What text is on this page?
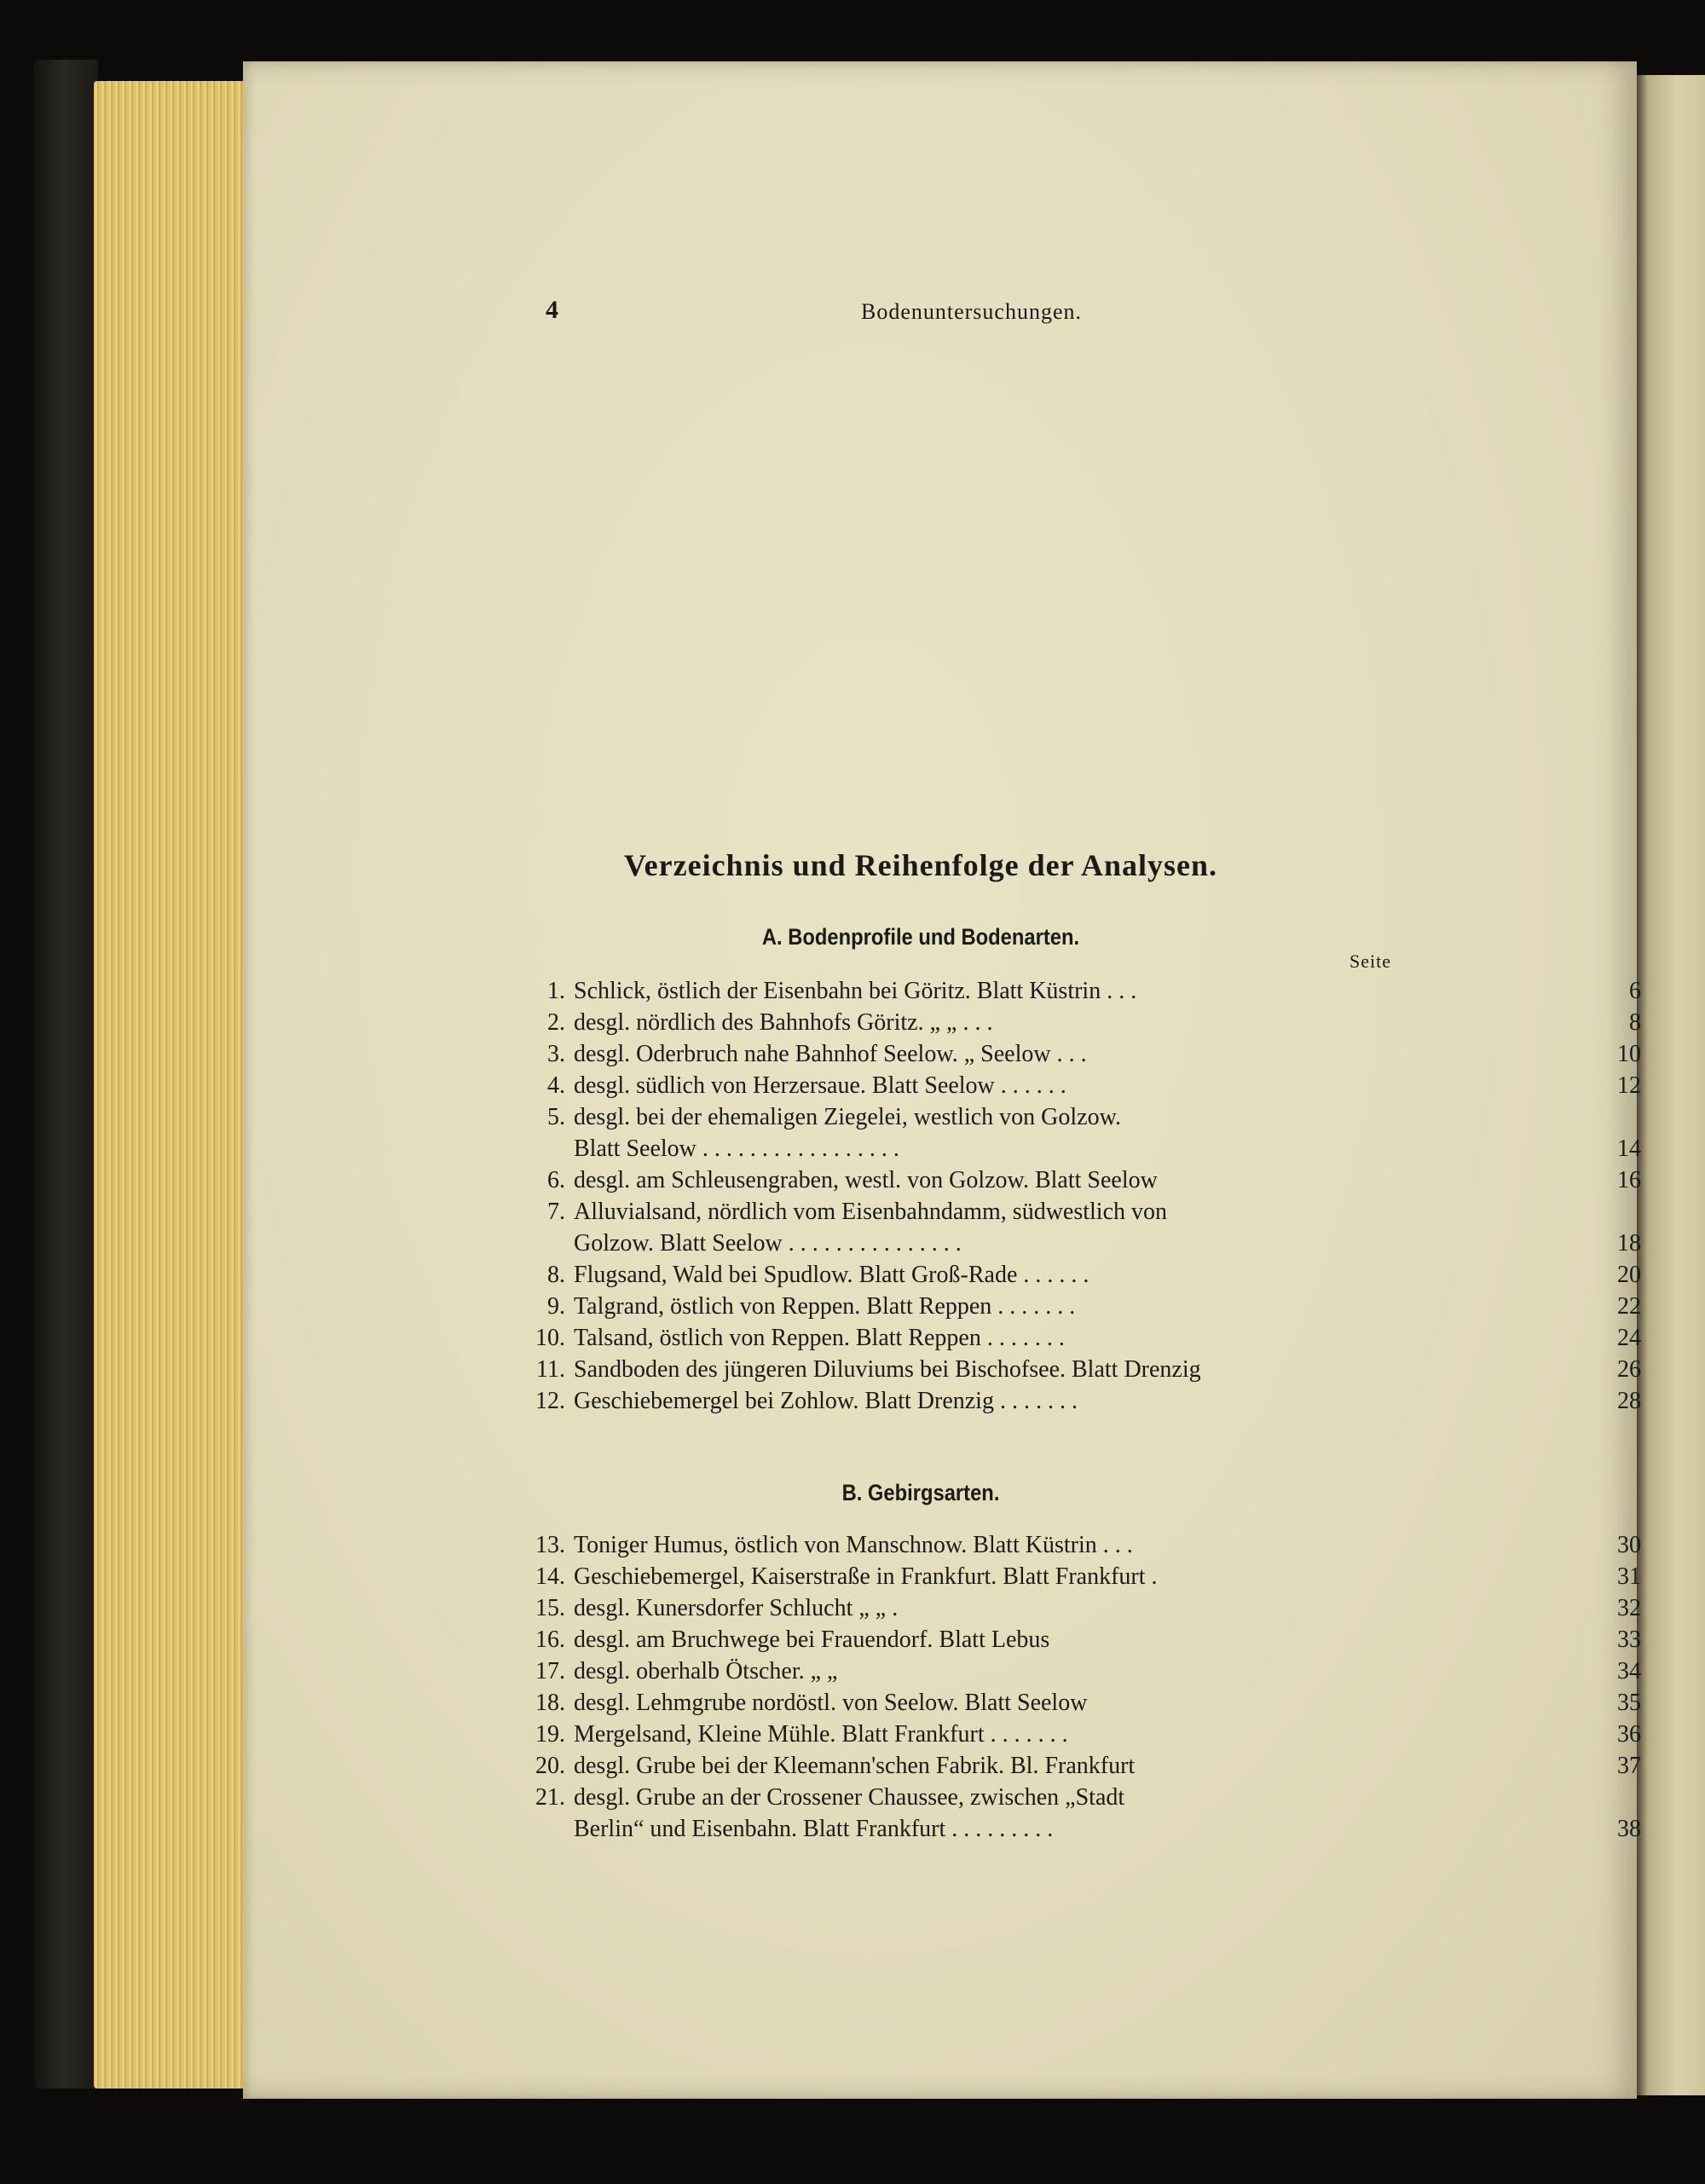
4	Bodenuntersuchungen.
Verzeichnis und Reihenfolge der Analysen.
A. Bodenprofile und Bodenarten.
Seite
1. Schlick, östlich der Eisenbahn bei Göritz. Blatt Küstrin . . .	6
2. desgl. nördlich des Bahnhofs Göritz. „ „ . . .	8
3. desgl. Oderbruch nahe Bahnhof Seelow. „ Seelow . . .	10
4. desgl. südlich von Herzersaue. Blatt Seelow . . . . . .	12
5. desgl. bei der ehemaligen Ziegelei, westlich von Golzow.
Blatt Seelow . . . . . . . . . . . . . . . . .	14
6. desgl. am Schleusengraben, westl. von Golzow. Blatt Seelow	16
7. Alluvialsand, nördlich vom Eisenbahndamm, südwestlich von
Golzow. Blatt Seelow . . . . . . . . . . . . . . .	18
8. Flugsand, Wald bei Spudlow. Blatt Groß-Rade . . . . . .	20
9. Talgrand, östlich von Reppen. Blatt Reppen . . . . . . .	22
10. Talsand, östlich von Reppen. Blatt Reppen . . . . . . .	24
11. Sandboden des jüngeren Diluviums bei Bischofsee. Blatt Drenzig	26
12. Geschiebemergel bei Zohlow. Blatt Drenzig . . . . . . .	28
B. Gebirgsarten.
13. Toniger Humus, östlich von Manschnow. Blatt Küstrin . . .	30
14. Geschiebemergel, Kaiserstraße in Frankfurt. Blatt Frankfurt .	31
15. desgl. Kunersdorfer Schlucht „ „ .	32
16. desgl. am Bruchwege bei Frauendorf. Blatt Lebus	33
17. desgl. oberhalb Ötscher. „ „	34
18. desgl. Lehmgrube nordöstl. von Seelow. Blatt Seelow	35
19. Mergelsand, Kleine Mühle. Blatt Frankfurt . . . . . . .	36
20. desgl. Grube bei der Kleemann'schen Fabrik. Bl. Frankfurt	37
21. desgl. Grube an der Crossener Chaussee, zwischen „Stadt
Berlin“ und Eisenbahn. Blatt Frankfurt . . . . . . . . .	38
